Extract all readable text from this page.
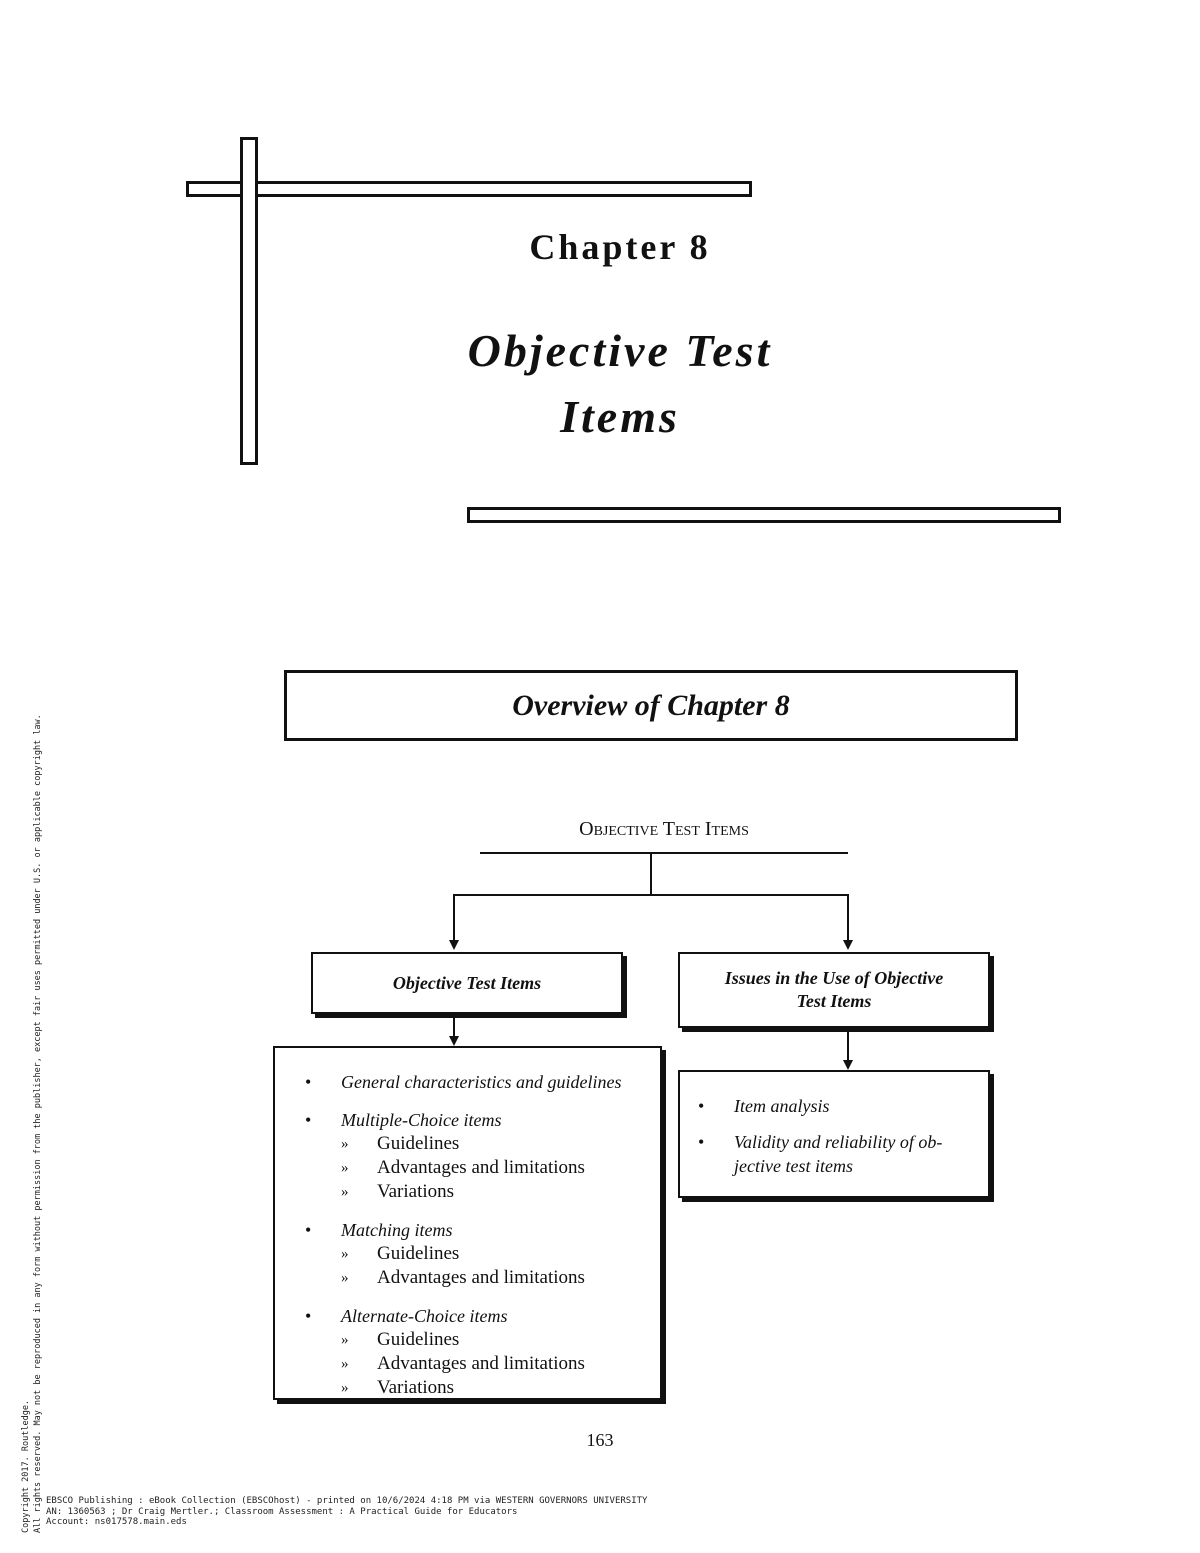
Chapter 8
Objective Test
Items
Overview of Chapter 8
Objective Test Items
Objective Test Items	Issues in the Use of Objective
Test Items
• General characteristics and guidelines
• Multiple-Choice items
» Guidelines
» Advantages and limitations
» Variations
• Matching items
» Guidelines
» Advantages and limitations
• Alternate-Choice items
» Guidelines
» Advantages and limitations
» Variations
• Item analysis
• Validity and reliability of ob-
jective test items
163
Copyright 2017. Routledge. All rights reserved. May not be reproduced in any form without permission from the publisher, except fair uses permitted under U.S. or applicable copyright law. EBSCO Publishing : eBook Collection (EBSCOhost) - printed on 10/6/2024 4:18 PM via WESTERN GOVERNORS UNIVERSITY
AN: 1360563 ; Dr Craig Mertler.; Classroom Assessment : A Practical Guide for Educators
Account: ns017578.main.eds
